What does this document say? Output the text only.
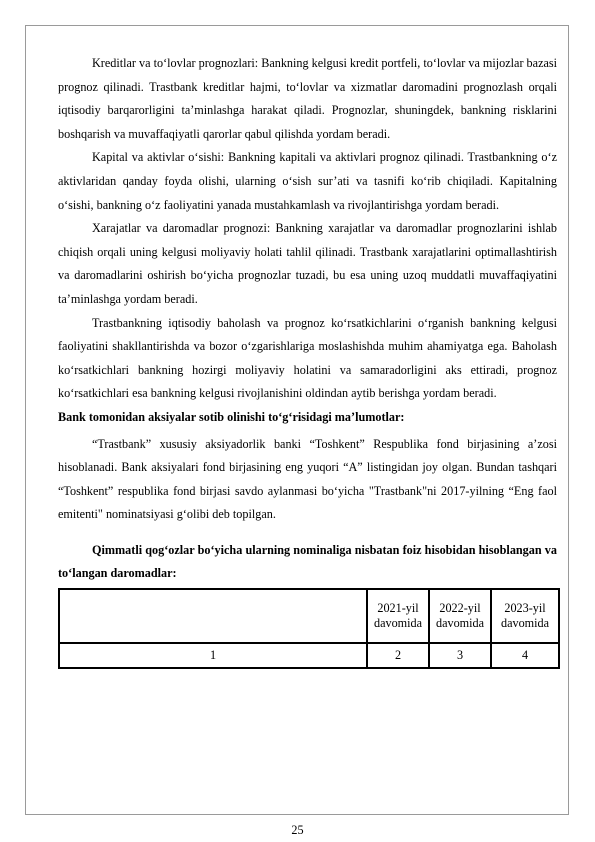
Kreditlar va to‘lovlar prognozlari: Bankning kelgusi kredit portfeli, to‘lovlar va mijozlar bazasi prognoz qilinadi. Trastbank kreditlar hajmi, to‘lovlar va xizmatlar daromadini prognozlash orqali iqtisodiy barqarorligini ta’minlashga harakat qiladi. Prognozlar, shuningdek, bankning risklarini boshqarish va muvaffaqiyatli qarorlar qabul qilishda yordam beradi.

Kapital va aktivlar o‘sishi: Bankning kapitali va aktivlari prognoz qilinadi. Trastbankning o‘z aktivlaridan qanday foyda olishi, ularning o‘sish sur’ati va tasnifi ko‘rib chiqiladi. Kapitalning o‘sishi, bankning o‘z faoliyatini yanada mustahkamlash va rivojlantirishga yordam beradi.

Xarajatlar va daromadlar prognozi: Bankning xarajatlar va daromadlar prognozlarini ishlab chiqish orqali uning kelgusi moliyaviy holati tahlil qilinadi. Trastbank xarajatlarini optimallashtirish va daromadlarini oshirish bo‘yicha prognozlar tuzadi, bu esa uning uzoq muddatli muvaffaqiyatini ta’minlashga yordam beradi.

Trastbankning iqtisodiy baholash va prognoz ko‘rsatkichlarini o‘rganish bankning kelgusi faoliyatini shakllantirishda va bozor o‘zgarishlariga moslashishda muhim ahamiyatga ega. Baholash ko‘rsatkichlari bankning hozirgi moliyaviy holatini va samaradorligini aks ettiradi, prognoz ko‘rsatkichlari esa bankning kelgusi rivojlanishini oldindan aytib berishga yordam beradi.

Bank tomonidan aksiyalar sotib olinishi to‘g‘risidagi ma’lumotlar:

“Trastbank” xususiy aksiyadorlik banki “Toshkent” Respublika fond birjasining a’zosi hisoblanadi. Bank aksiyalari fond birjasining eng yuqori “A” listingidan joy olgan. Bundan tashqari “Toshkent” respublika fond birjasi savdo aylanmasi bo‘yicha "Trastbank"ni 2017-yilning “Eng faol emitenti" nominatsiyasi g‘olibi deb topilgan.

Qimmatli qog‘ozlar bo‘yicha ularning nominaliga nisbatan foiz hisobidan hisoblangan va to‘langan daromadlar:

	2021-yil davomida	2022-yil davomida	2023-yil davomida
1	2	3	4
25
